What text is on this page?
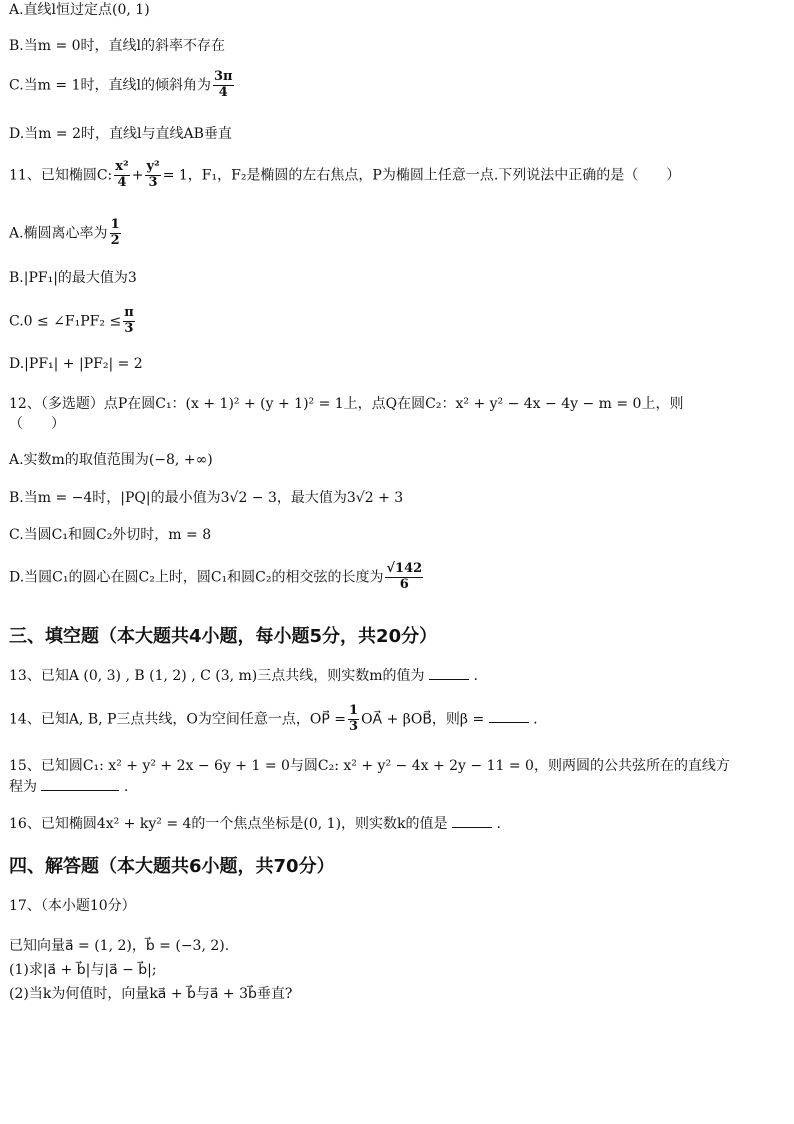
A.直线l恒过定点(0, 1)
B.当m = 0时，直线l的斜率不存在
C.当m = 1时，直线l的倾斜角为 $\frac{3\pi}{4}$
D.当m = 2时，直线l与直线AB垂直
11、已知椭圆C: $\frac{\text{x²}}{4} + \frac{\text{y²}}{3} = 1$，F₁，F₂是椭圆的左右焦点，P为椭圆上任意一点.下列说法中正确的是（　　）
A.椭圆离心率为 $\frac{1}{2}$
B.|PF₁|的最大值为3
C.0 ≤ ∠F₁PF₂ ≤ $\frac{\pi}{3}$
D.|PF₁| + |PF₂| = 2
12、（多选题）点P在圆C₁：(x + 1)² + (y + 1)² = 1上，点Q在圆C₂：x² + y² − 4x − 4y − m = 0上，则
（　　）
A.实数m的取值范围为(−8, +∞)
B.当m = −4时，|PQ|的最小值为3√2 − 3，最大值为3√2 + 3
C.当圆C₁和圆C₂外切时，m = 8
D.当圆C₁的圆心在圆C₂上时，圆C₁和圆C₂的相交弦的长度为 $\frac{√142}{6}$
三、填空题（本大题共4小题，每小题5分，共20分）
13、已知A (0, 3) , B (1, 2) , C (3, m)三点共线，则实数m的值为	.
14、已知A, B, P三点共线，O为空间任意一点，OP⃗ = $\frac{1}{3}$ OA⃗ + βOB⃗，则β =	.
15、已知圆C₁: x² + y² + 2x − 6y + 1 = 0与圆C₂: x² + y² − 4x + 2y − 11 = 0，则两圆的公共弦所在的直线方
程为	.
16、已知椭圆4x² + ky² = 4的一个焦点坐标是(0, 1)，则实数k的值是	.
四、解答题（本大题共6小题，共70分）
17、（本小题10分）
已知向量a⃗ = (1, 2)，b⃗ = (−3, 2).
(1)求|a⃗ + b⃗|与|a⃗ − b⃗|;
(2)当k为何值时，向量ka⃗ + b⃗与a⃗ + 3b⃗垂直?
